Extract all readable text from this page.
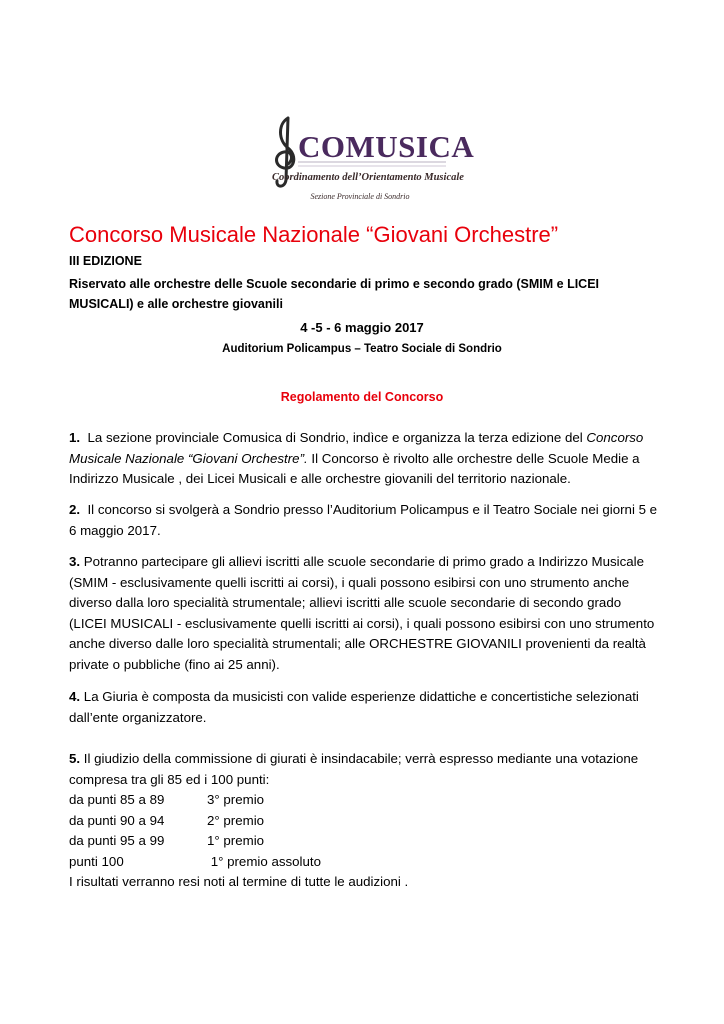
COMUSICA
Coordinamento dell’Orientamento Musicale
Sezione Provinciale di Sondrio
Concorso Musicale Nazionale “Giovani Orchestre”
III EDIZIONE
Riservato alle orchestre delle Scuole secondarie di primo e secondo grado (SMIM e LICEI MUSICALI) e alle orchestre giovanili
4 -5 - 6 maggio 2017
Auditorium Policampus – Teatro Sociale di Sondrio
Regolamento del Concorso
1. La sezione provinciale Comusica di Sondrio, indìce e organizza la terza edizione del Concorso Musicale Nazionale “Giovani Orchestre”. Il Concorso è rivolto alle orchestre delle Scuole Medie a Indirizzo Musicale , dei Licei Musicali e alle orchestre giovanili del territorio nazionale.
2. Il concorso si svolgerà a Sondrio presso l’Auditorium Policampus e il Teatro Sociale nei giorni 5 e 6 maggio 2017.
3. Potranno partecipare gli allievi iscritti alle scuole secondarie di primo grado a Indirizzo Musicale (SMIM - esclusivamente quelli iscritti ai corsi), i quali possono esibirsi con uno strumento anche diverso dalla loro specialità strumentale; allievi iscritti alle scuole secondarie di secondo grado (LICEI MUSICALI - esclusivamente quelli iscritti ai corsi), i quali possono esibirsi con uno strumento anche diverso dalle loro specialità strumentali; alle ORCHESTRE GIOVANILI provenienti da realtà private o pubbliche (fino ai 25 anni).
4. La Giuria è composta da musicisti con valide esperienze didattiche e concertistiche selezionati dall’ente organizzatore.
5. Il giudizio della commissione di giurati è insindacabile; verrà espresso mediante una votazione compresa tra gli 85 ed i 100 punti:
da punti 85 a 89	3° premio
da punti 90 a 94	2° premio
da punti 95 a 99	1° premio
punti 100	1° premio assoluto
I risultati verranno resi noti al termine di tutte le audizioni .
